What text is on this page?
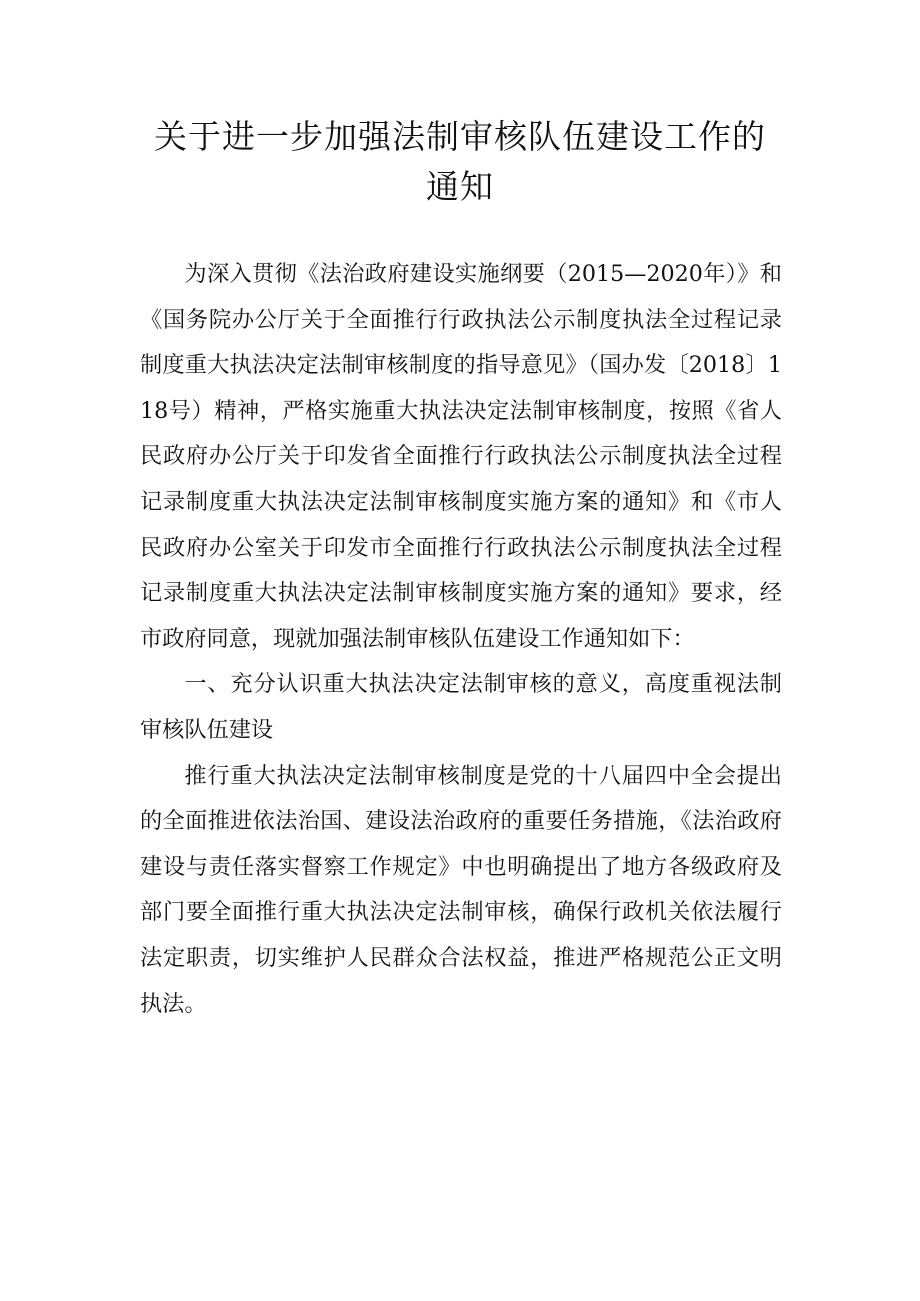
关于进一步加强法制审核队伍建设工作的
通知

为深入贯彻《法治政府建设实施纲要（2015—2020年）》和《国务院办公厅关于全面推行行政执法公示制度执法全过程记录制度重大执法决定法制审核制度的指导意见》（国办发〔2018〕118号）精神，严格实施重大执法决定法制审核制度，按照《省人民政府办公厅关于印发省全面推行行政执法公示制度执法全过程记录制度重大执法决定法制审核制度实施方案的通知》和《市人民政府办公室关于印发市全面推行行政执法公示制度执法全过程记录制度重大执法决定法制审核制度实施方案的通知》要求，经市政府同意，现就加强法制审核队伍建设工作通知如下：

一、充分认识重大执法决定法制审核的意义，高度重视法制审核队伍建设

推行重大执法决定法制审核制度是党的十八届四中全会提出的全面推进依法治国、建设法治政府的重要任务措施，《法治政府建设与责任落实督察工作规定》中也明确提出了地方各级政府及部门要全面推行重大执法决定法制审核，确保行政机关依法履行法定职责，切实维护人民群众合法权益，推进严格规范公正文明执法。
